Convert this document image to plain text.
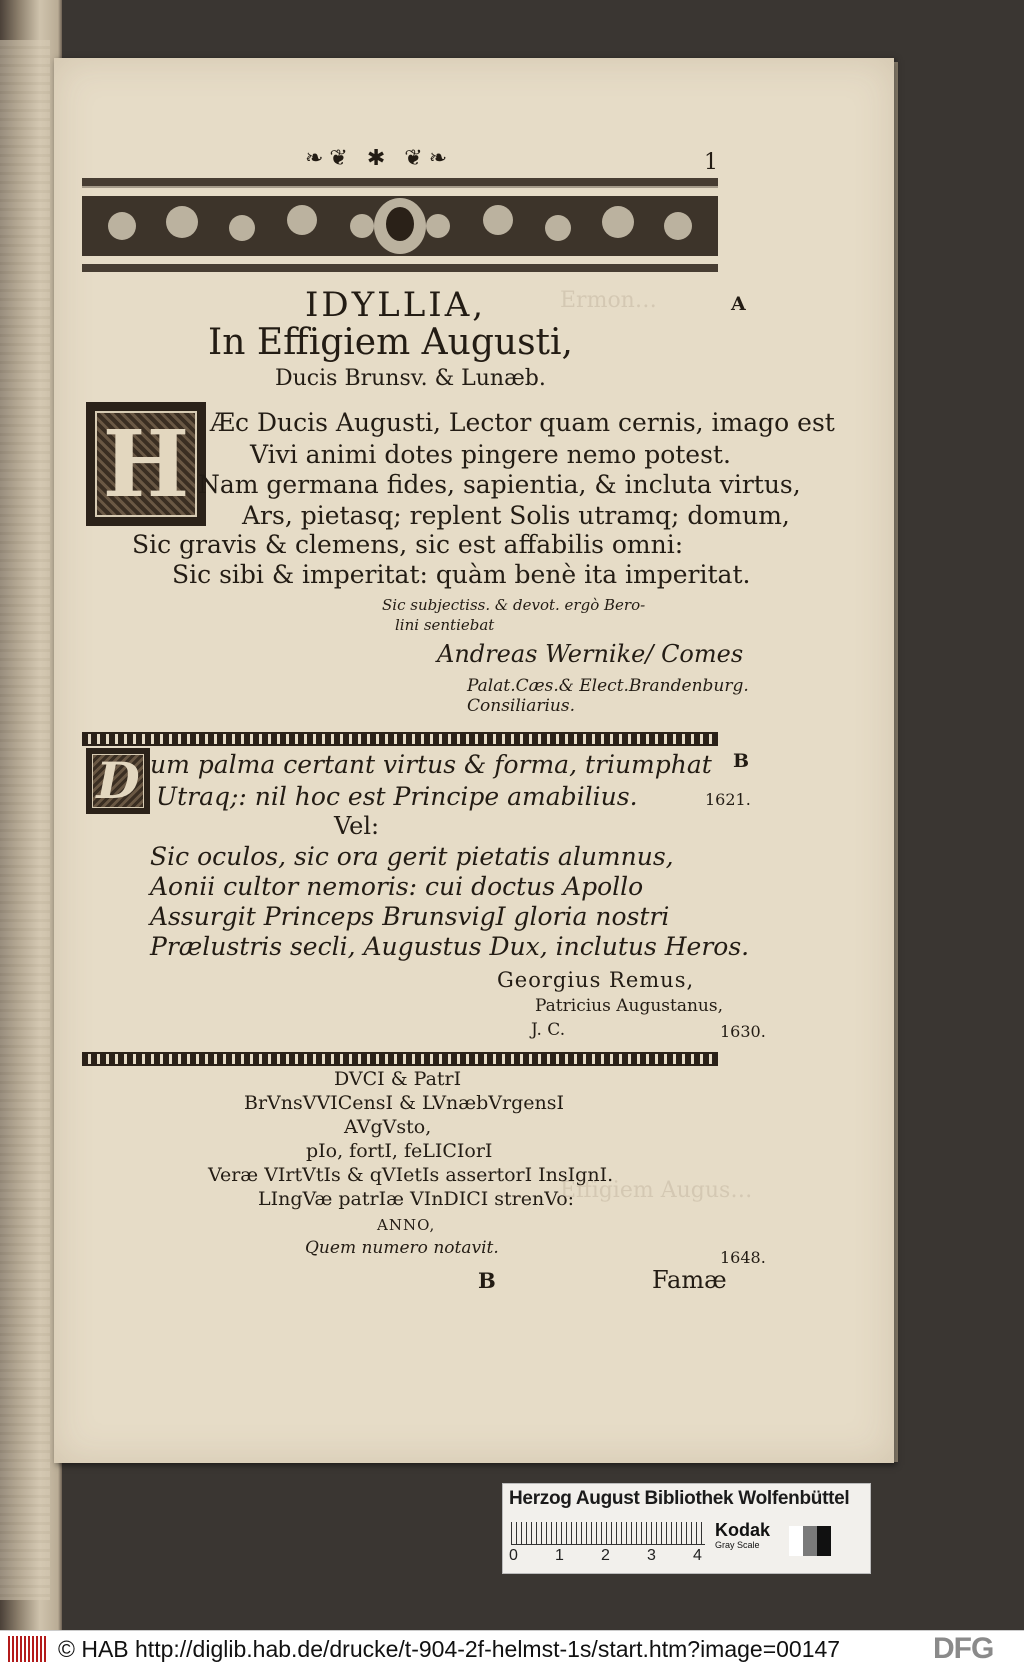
Ermon…
Effigiem Augus…
1
❧❦ ✱ ❦❧
IDYLLIA,
In Effigiem Augusti,
Ducis Brunsv. & Lunæb.
A
H Æc Ducis Augusti, Lector quam cernis, imago est
Vivi animi dotes pingere nemo potest.
Nam germana fides, sapientia, & incluta virtus,
Ars, pietasq; replent Solis utramq; domum,
Sic gravis & clemens, sic est affabilis omni:
Sic sibi & imperitat: quàm benè ita imperitat.
Sic subjectiss. & devot. ergò Bero-
lini sentiebat
Andreas Wernike/ Comes
Palat.Cæs.& Elect.Brandenburg.
Consiliarius.
D	B
um palma certant virtus & forma, triumphat
Utraq;: nil hoc est Principe amabilius.	1621.
Vel:
Sic oculos, sic ora gerit pietatis alumnus,
Aonii cultor nemoris: cui doctus Apollo
Assurgit Princeps BrunsvigI gloria nostri
Prælustris secli, Augustus Dux, inclutus Heros.
Georgius Remus,
Patricius Augustanus,
J. C.	1630.
DVCI & PatrI
BrVnsVVICensI & LVnæbVrgensI
AVgVsto,
pIo, fortI, feLICIorI
Veræ VIrtVtIs & qVIetIs assertorI InsIgnI.
LIngVæ patrIæ VInDICI strenVo:
ANNO,
Quem numero notavit.	1648.
B	Famæ
Herzog August Bibliothek Wolfenbüttel
0 1 2 3 4
Kodak
Gray Scale
© HAB http://diglib.hab.de/drucke/t-904-2f-helmst-1s/start.htm?image=00147	DFG
